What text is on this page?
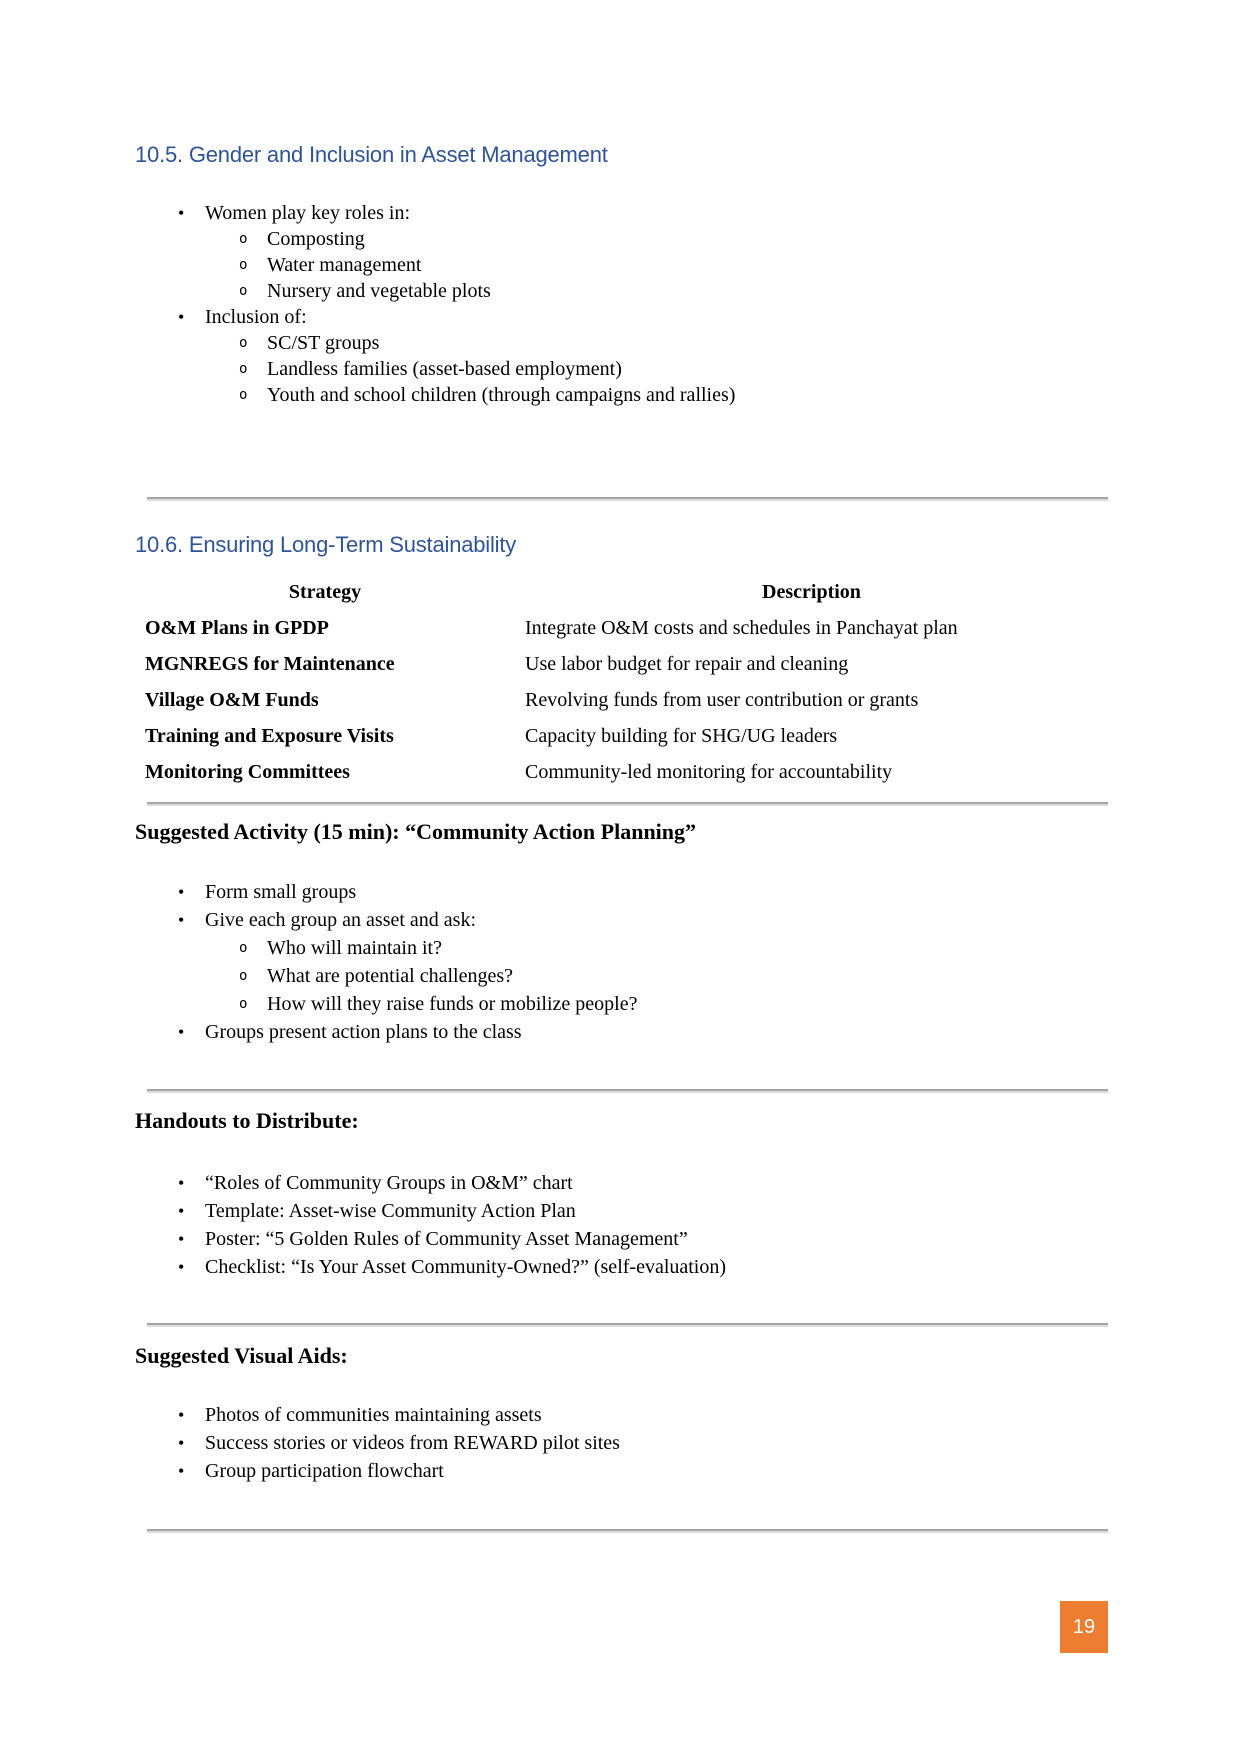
10.5. Gender and Inclusion in Asset Management
• Women play key roles in:
o Composting
o Water management
o Nursery and vegetable plots
• Inclusion of:
o SC/ST groups
o Landless families (asset-based employment)
o Youth and school children (through campaigns and rallies)
10.6. Ensuring Long-Term Sustainability
Strategy	Description
O&M Plans in GPDP	Integrate O&M costs and schedules in Panchayat plan
MGNREGS for Maintenance	Use labor budget for repair and cleaning
Village O&M Funds	Revolving funds from user contribution or grants
Training and Exposure Visits	Capacity building for SHG/UG leaders
Monitoring Committees	Community-led monitoring for accountability
Suggested Activity (15 min): “Community Action Planning”
• Form small groups
• Give each group an asset and ask:
o Who will maintain it?
o What are potential challenges?
o How will they raise funds or mobilize people?
• Groups present action plans to the class
Handouts to Distribute:
• “Roles of Community Groups in O&M” chart
• Template: Asset-wise Community Action Plan
• Poster: “5 Golden Rules of Community Asset Management”
• Checklist: “Is Your Asset Community-Owned?” (self-evaluation)
Suggested Visual Aids:
• Photos of communities maintaining assets
• Success stories or videos from REWARD pilot sites
• Group participation flowchart
19
